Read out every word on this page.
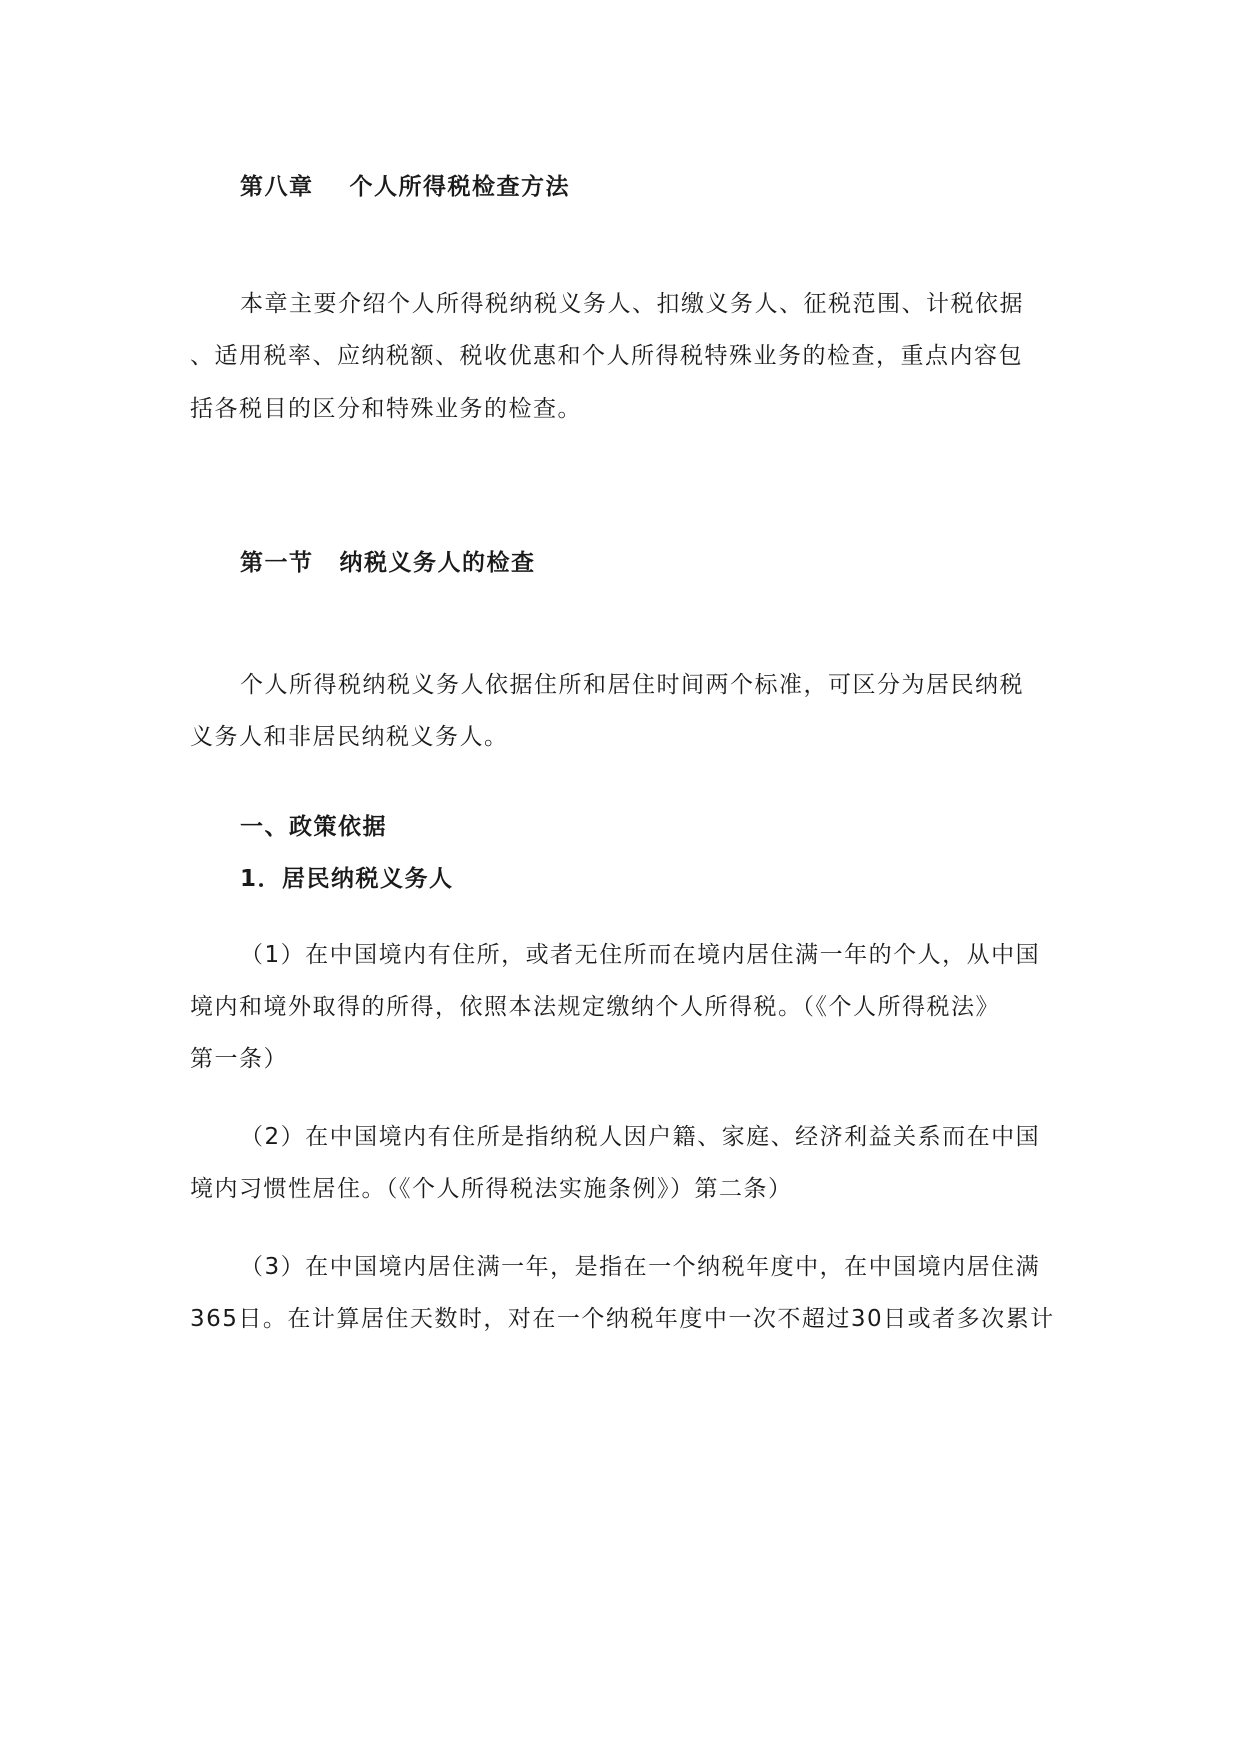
第八章 个人所得税检查方法
本章主要介绍个人所得税纳税义务人、扣缴义务人、征税范围、计税依据
、适用税率、应纳税额、税收优惠和个人所得税特殊业务的检查，重点内容包
括各税目的区分和特殊业务的检查。
第一节 纳税义务人的检查
个人所得税纳税义务人依据住所和居住时间两个标准，可区分为居民纳税
义务人和非居民纳税义务人。
一、政策依据
1．居民纳税义务人
（1）在中国境内有住所，或者无住所而在境内居住满一年的个人，从中国
境内和境外取得的所得，依照本法规定缴纳个人所得税。（《个人所得税法》
第一条）
（2）在中国境内有住所是指纳税人因户籍、家庭、经济利益关系而在中国
境内习惯性居住。（《个人所得税法实施条例》）第二条）
（3）在中国境内居住满一年，是指在一个纳税年度中，在中国境内居住满
365日。在计算居住天数时，对在一个纳税年度中一次不超过30日或者多次累计
